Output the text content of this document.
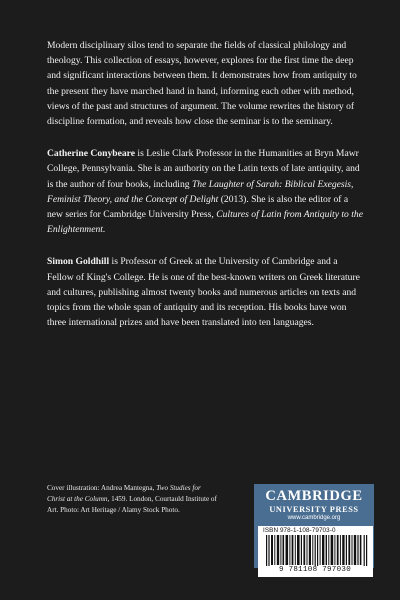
Modern disciplinary silos tend to separate the fields of classical philology and theology. This collection of essays, however, explores for the first time the deep and significant interactions between them. It demonstrates how from antiquity to the present they have marched hand in hand, informing each other with method, views of the past and structures of argument. The volume rewrites the history of discipline formation, and reveals how close the seminar is to the seminary.

Catherine Conybeare is Leslie Clark Professor in the Humanities at Bryn Mawr College, Pennsylvania. She is an authority on the Latin texts of late antiquity, and is the author of four books, including The Laughter of Sarah: Biblical Exegesis, Feminist Theory, and the Concept of Delight (2013). She is also the editor of a new series for Cambridge University Press, Cultures of Latin from Antiquity to the Enlightenment.

Simon Goldhill is Professor of Greek at the University of Cambridge and a Fellow of King's College. He is one of the best-known writers on Greek literature and cultures, publishing almost twenty books and numerous articles on texts and topics from the whole span of antiquity and its reception. His books have won three international prizes and have been translated into ten languages.

Cover illustration: Andrea Mantegna, Two Studies for Christ at the Column, 1459. London, Courtauld Institute of Art. Photo: Art Heritage / Alamy Stock Photo.
CAMBRIDGE
UNIVERSITY PRESS
www.cambridge.org
ISBN 978-1-108-79703-0
9 781108 797030
